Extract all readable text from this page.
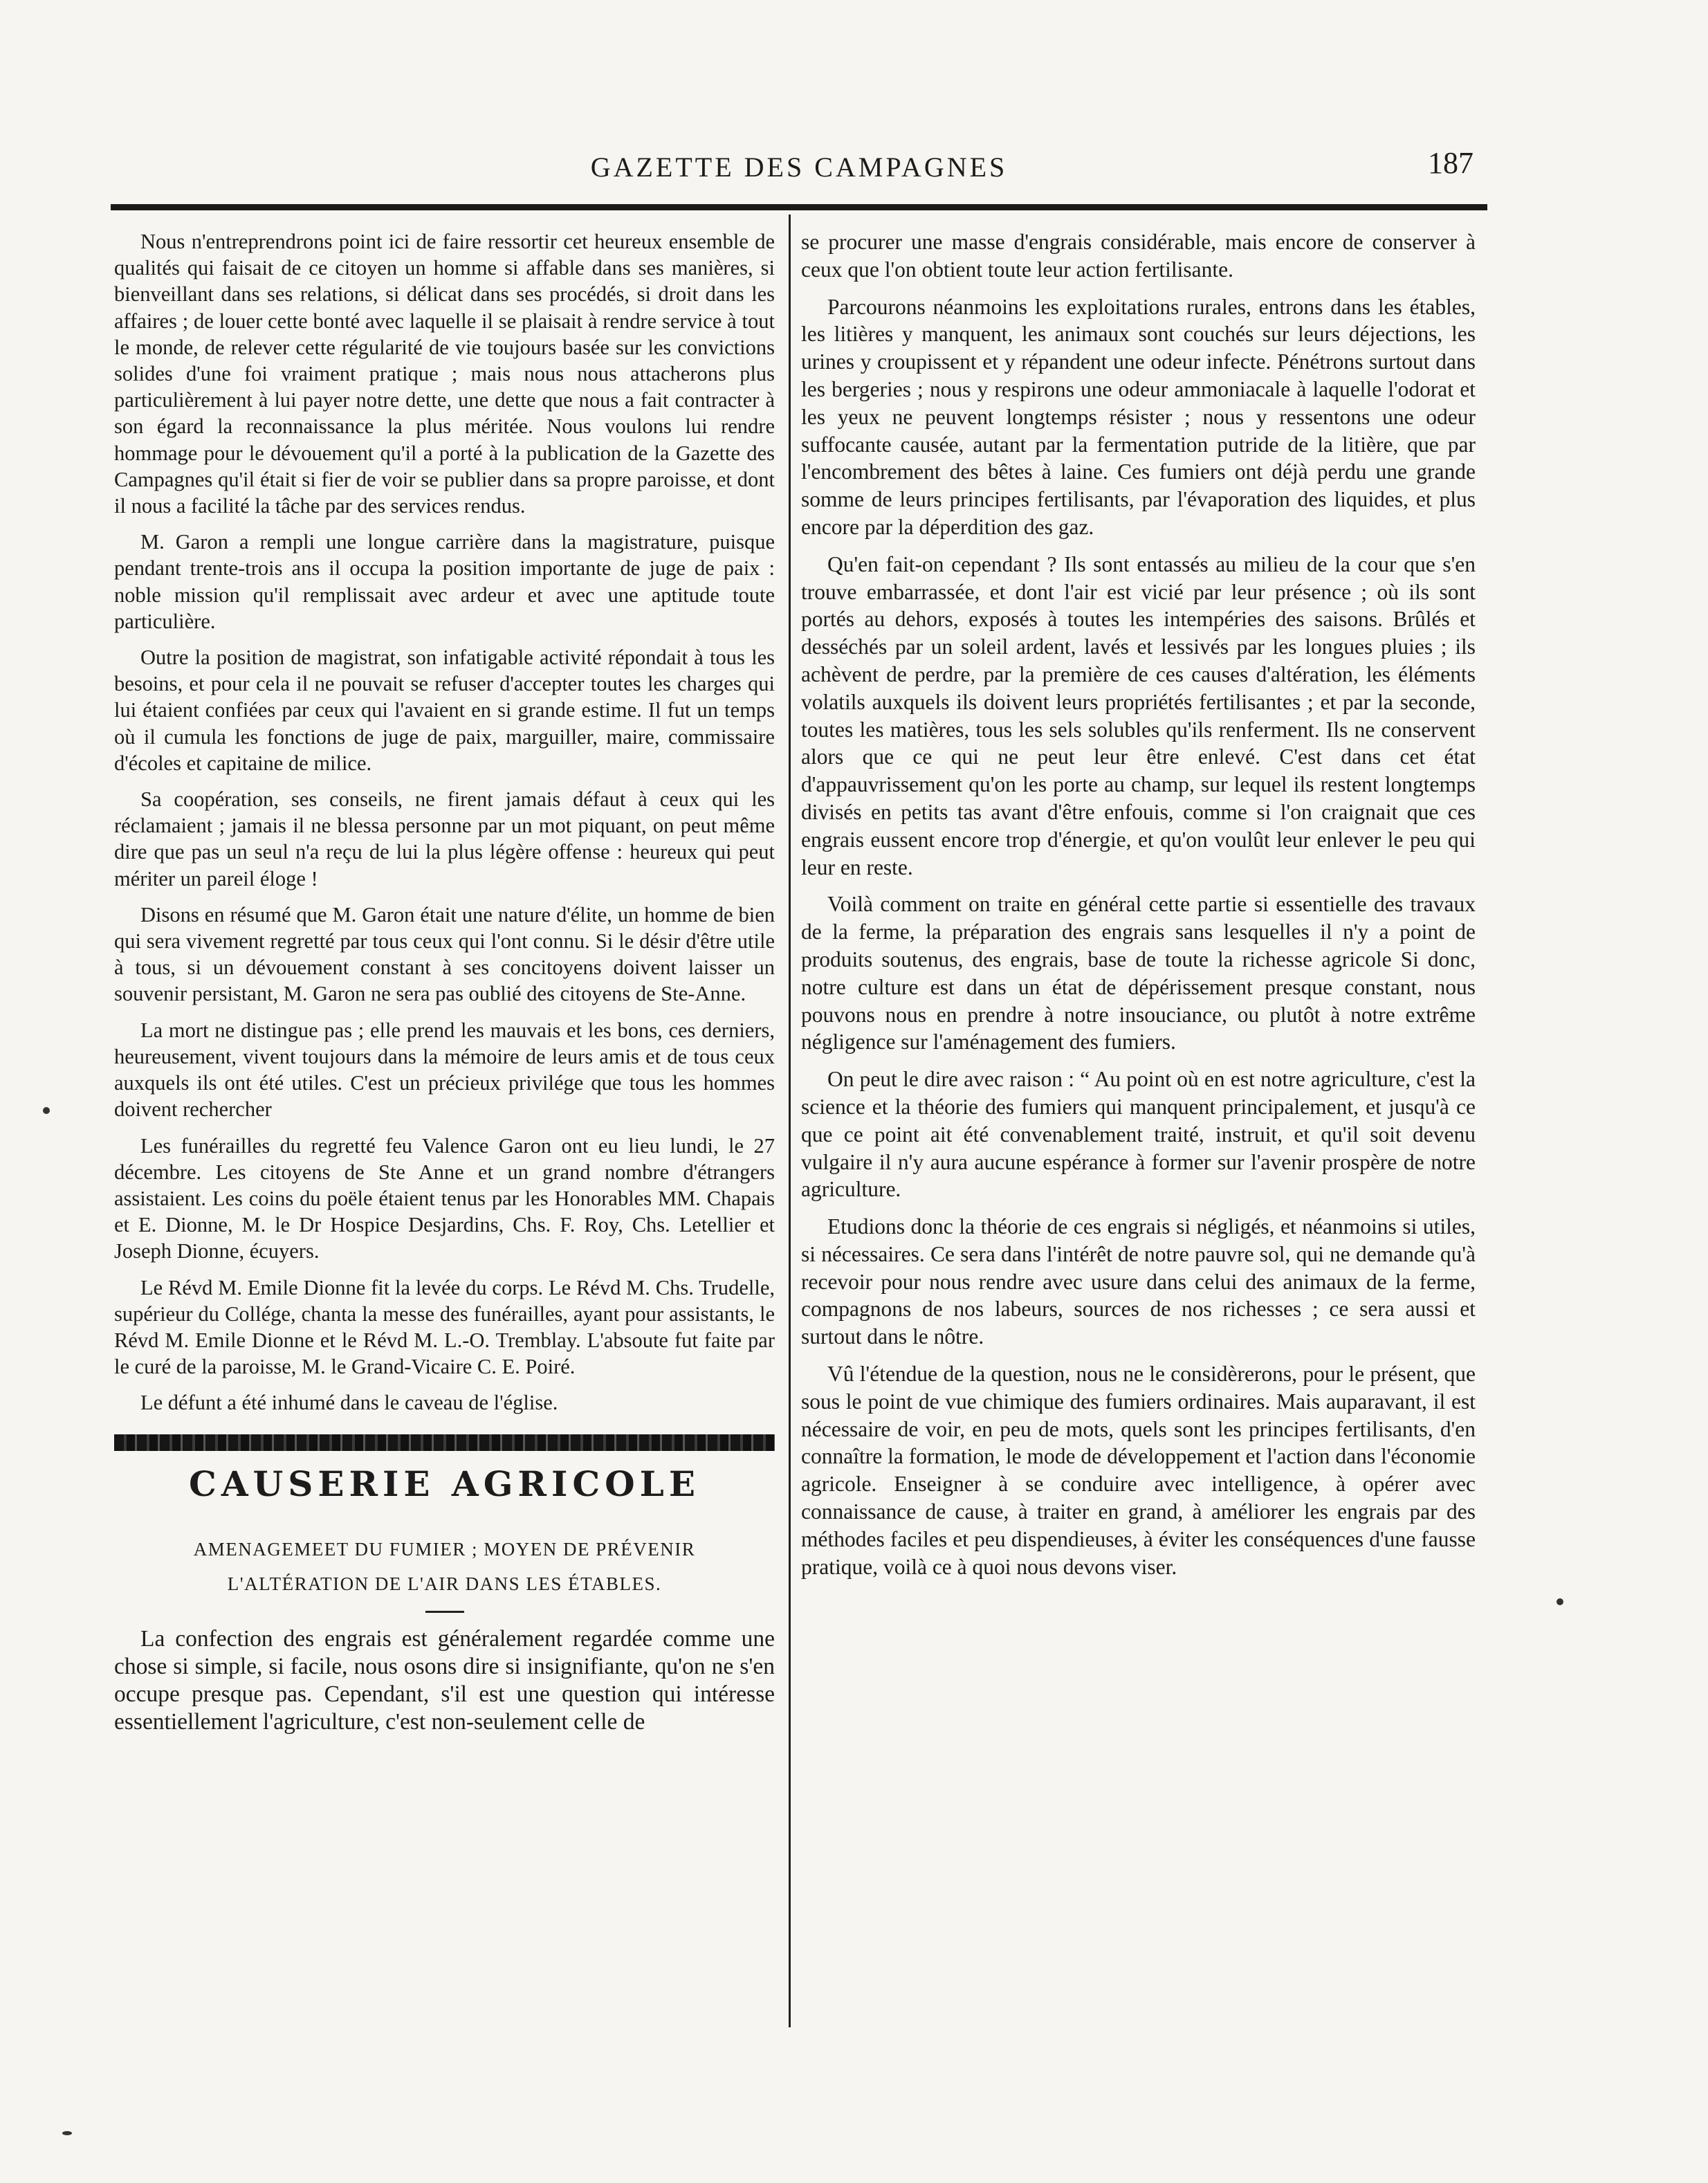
GAZETTE DES CAMPAGNES	187

Nous n'entreprendrons point ici de faire ressortir cet heureux ensemble de qualités qui faisait de ce citoyen un homme si affable dans ses manières, si bienveillant dans ses relations, si délicat dans ses procédés, si droit dans les affaires ; de louer cette bonté avec laquelle il se plaisait à rendre service à tout le monde, de relever cette régularité de vie toujours basée sur les convictions solides d'une foi vraiment pratique ; mais nous nous attacherons plus particulièrement à lui payer notre dette, une dette que nous a fait contracter à son égard la reconnaissance la plus méritée. Nous voulons lui rendre hommage pour le dévouement qu'il a porté à la publication de la Gazette des Campagnes qu'il était si fier de voir se publier dans sa propre paroisse, et dont il nous a facilité la tâche par des services rendus.

M. Garon a rempli une longue carrière dans la magistrature, puisque pendant trente-trois ans il occupa la position importante de juge de paix : noble mission qu'il remplissait avec ardeur et avec une aptitude toute particulière.

Outre la position de magistrat, son infatigable activité répondait à tous les besoins, et pour cela il ne pouvait se refuser d'accepter toutes les charges qui lui étaient confiées par ceux qui l'avaient en si grande estime. Il fut un temps où il cumula les fonctions de juge de paix, marguiller, maire, commissaire d'écoles et capitaine de milice.

Sa coopération, ses conseils, ne firent jamais défaut à ceux qui les réclamaient ; jamais il ne blessa personne par un mot piquant, on peut même dire que pas un seul n'a reçu de lui la plus légère offense : heureux qui peut mériter un pareil éloge !

Disons en résumé que M. Garon était une nature d'élite, un homme de bien qui sera vivement regretté par tous ceux qui l'ont connu. Si le désir d'être utile à tous, si un dévouement constant à ses concitoyens doivent laisser un souvenir persistant, M. Garon ne sera pas oublié des citoyens de Ste-Anne.

La mort ne distingue pas ; elle prend les mauvais et les bons, ces derniers, heureusement, vivent toujours dans la mémoire de leurs amis et de tous ceux auxquels ils ont été utiles. C'est un précieux privilége que tous les hommes doivent rechercher

Les funérailles du regretté feu Valence Garon ont eu lieu lundi, le 27 décembre. Les citoyens de Ste Anne et un grand nombre d'étrangers assistaient. Les coins du poële étaient tenus par les Honorables MM. Chapais et E. Dionne, M. le Dr Hospice Desjardins, Chs. F. Roy, Chs. Letellier et Joseph Dionne, écuyers.

Le Révd M. Emile Dionne fit la levée du corps. Le Révd M. Chs. Trudelle, supérieur du Collége, chanta la messe des funérailles, ayant pour assistants, le Révd M. Emile Dionne et le Révd M. L.-O. Tremblay. L'absoute fut faite par le curé de la paroisse, M. le Grand-Vicaire C. E. Poiré.

Le défunt a été inhumé dans le caveau de l'église.

CAUSERIE AGRICOLE
AMENAGEMEET DU FUMIER ; MOYEN DE PRÉVENIR L'ALTÉRATION DE L'AIR DANS LES ÉTABLES.

La confection des engrais est généralement regardée comme une chose si simple, si facile, nous osons dire si insignifiante, qu'on ne s'en occupe presque pas. Cependant, s'il est une question qui intéresse essentiellement l'agriculture, c'est non-seulement celle de

se procurer une masse d'engrais considérable, mais encore de conserver à ceux que l'on obtient toute leur action fertilisante.

Parcourons néanmoins les exploitations rurales, entrons dans les étables, les litières y manquent, les animaux sont couchés sur leurs déjections, les urines y croupissent et y répandent une odeur infecte. Pénétrons surtout dans les bergeries ; nous y respirons une odeur ammoniacale à laquelle l'odorat et les yeux ne peuvent longtemps résister ; nous y ressentons une odeur suffocante causée, autant par la fermentation putride de la litière, que par l'encombrement des bêtes à laine. Ces fumiers ont déjà perdu une grande somme de leurs principes fertilisants, par l'évaporation des liquides, et plus encore par la déperdition des gaz.

Qu'en fait-on cependant ? Ils sont entassés au milieu de la cour que s'en trouve embarrassée, et dont l'air est vicié par leur présence ; où ils sont portés au dehors, exposés à toutes les intempéries des saisons. Brûlés et desséchés par un soleil ardent, lavés et lessivés par les longues pluies ; ils achèvent de perdre, par la première de ces causes d'altération, les éléments volatils auxquels ils doivent leurs propriétés fertilisantes ; et par la seconde, toutes les matières, tous les sels solubles qu'ils renferment. Ils ne conservent alors que ce qui ne peut leur être enlevé. C'est dans cet état d'appauvrissement qu'on les porte au champ, sur lequel ils restent longtemps divisés en petits tas avant d'être enfouis, comme si l'on craignait que ces engrais eussent encore trop d'énergie, et qu'on voulût leur enlever le peu qui leur en reste.

Voilà comment on traite en général cette partie si essentielle des travaux de la ferme, la préparation des engrais sans lesquelles il n'y a point de produits soutenus, des engrais, base de toute la richesse agricole Si donc, notre culture est dans un état de dépérissement presque constant, nous pouvons nous en prendre à notre insouciance, ou plutôt à notre extrême négligence sur l'aménagement des fumiers.

On peut le dire avec raison : “ Au point où en est notre agriculture, c'est la science et la théorie des fumiers qui manquent principalement, et jusqu'à ce que ce point ait été convenablement traité, instruit, et qu'il soit devenu vulgaire il n'y aura aucune espérance à former sur l'avenir prospère de notre agriculture.

Etudions donc la théorie de ces engrais si négligés, et néanmoins si utiles, si nécessaires. Ce sera dans l'intérêt de notre pauvre sol, qui ne demande qu'à recevoir pour nous rendre avec usure dans celui des animaux de la ferme, compagnons de nos labeurs, sources de nos richesses ; ce sera aussi et surtout dans le nôtre.

Vû l'étendue de la question, nous ne le considèrerons, pour le présent, que sous le point de vue chimique des fumiers ordinaires. Mais auparavant, il est nécessaire de voir, en peu de mots, quels sont les principes fertilisants, d'en connaître la formation, le mode de développement et l'action dans l'économie agricole. Enseigner à se conduire avec intelligence, à opérer avec connaissance de cause, à traiter en grand, à améliorer les engrais par des méthodes faciles et peu dispendieuses, à éviter les conséquences d'une fausse pratique, voilà ce à quoi nous devons viser.
